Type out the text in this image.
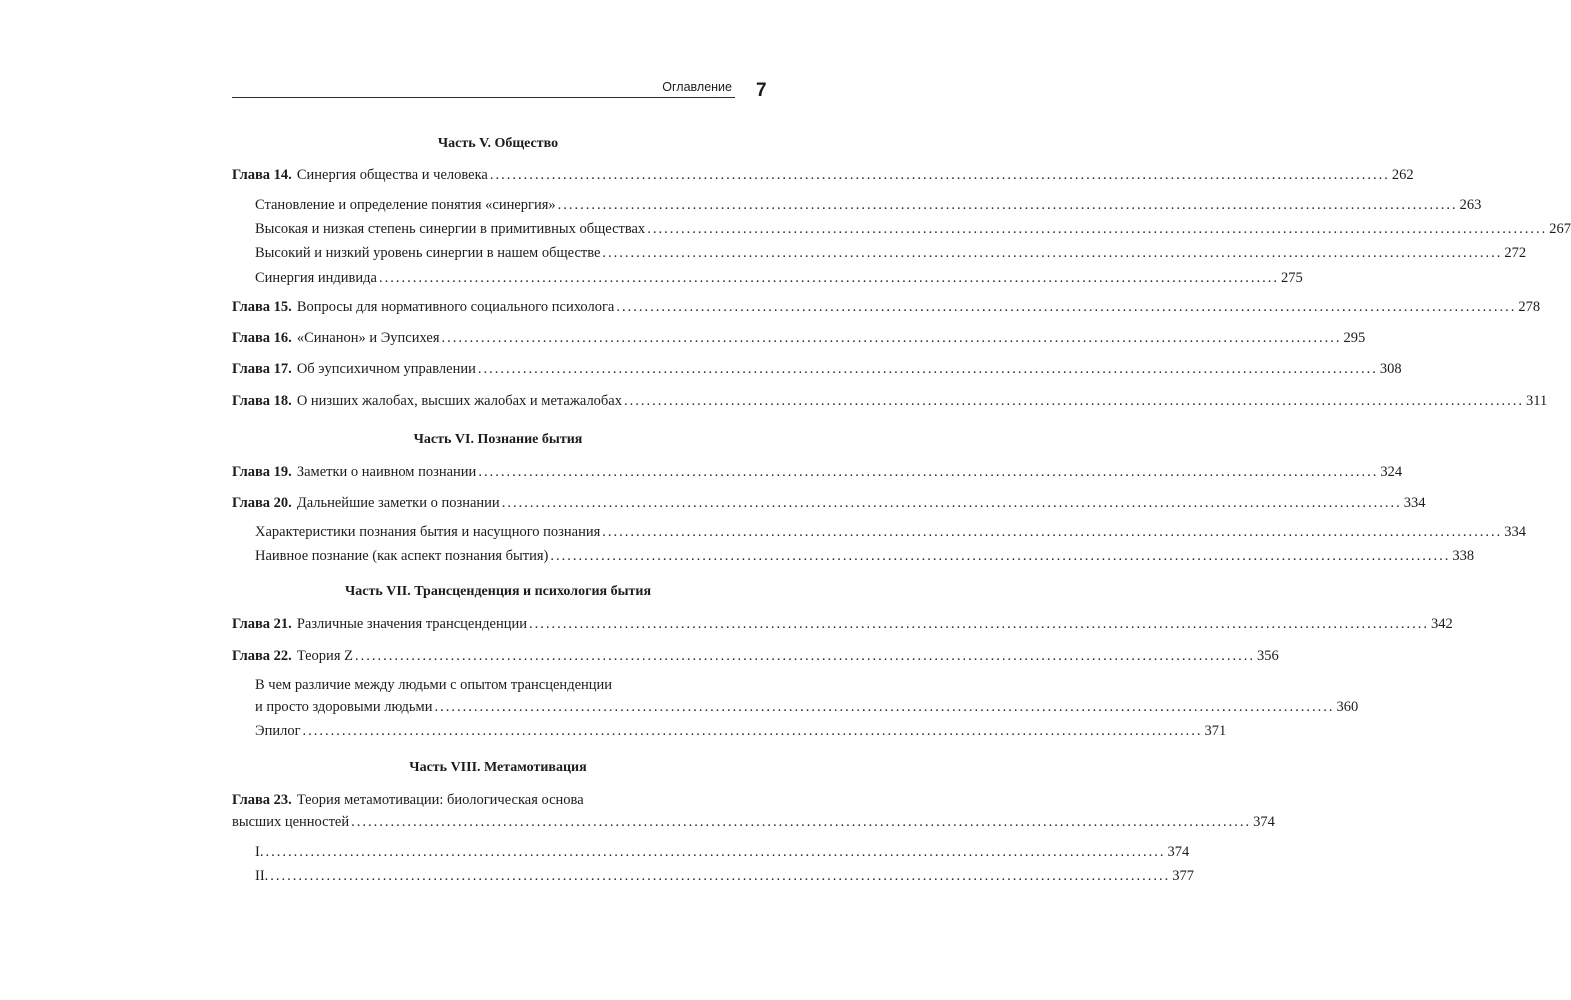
Оглавление 7
Часть V. Общество
Глава 14. Синергия общества и человека ................................................................................................................................................................ 262
Становление и определение понятия «синергия» ................................................................................................................................................................ 263
Высокая и низкая степень синергии в примитивных обществах ................................................................................................................................................................ 267
Высокий и низкий уровень синергии в нашем обществе ................................................................................................................................................................ 272
Синергия индивида ................................................................................................................................................................ 275
Глава 15. Вопросы для нормативного социального психолога ................................................................................................................................................................ 278
Глава 16. «Синанон» и Эупсихея ................................................................................................................................................................ 295
Глава 17. Об эупсихичном управлении ................................................................................................................................................................ 308
Глава 18. О низших жалобах, высших жалобах и метажалобах ................................................................................................................................................................ 311
Часть VI. Познание бытия
Глава 19. Заметки о наивном познании ................................................................................................................................................................ 324
Глава 20. Дальнейшие заметки о познании ................................................................................................................................................................ 334
Характеристики познания бытия и насущного познания ................................................................................................................................................................ 334
Наивное познание (как аспект познания бытия) ................................................................................................................................................................ 338
Часть VII. Трансценденция и психология бытия
Глава 21. Различные значения трансценденции ................................................................................................................................................................ 342
Глава 22. Теория Z ................................................................................................................................................................ 356
В чем различие между людьми с опытом трансценденции
и просто здоровыми людьми ................................................................................................................................................................ 360
Эпилог ................................................................................................................................................................ 371
Часть VIII. Метамотивация
Глава 23. Теория метамотивации: биологическая основа
высших ценностей ................................................................................................................................................................ 374
I. ................................................................................................................................................................ 374
II. ................................................................................................................................................................ 377
